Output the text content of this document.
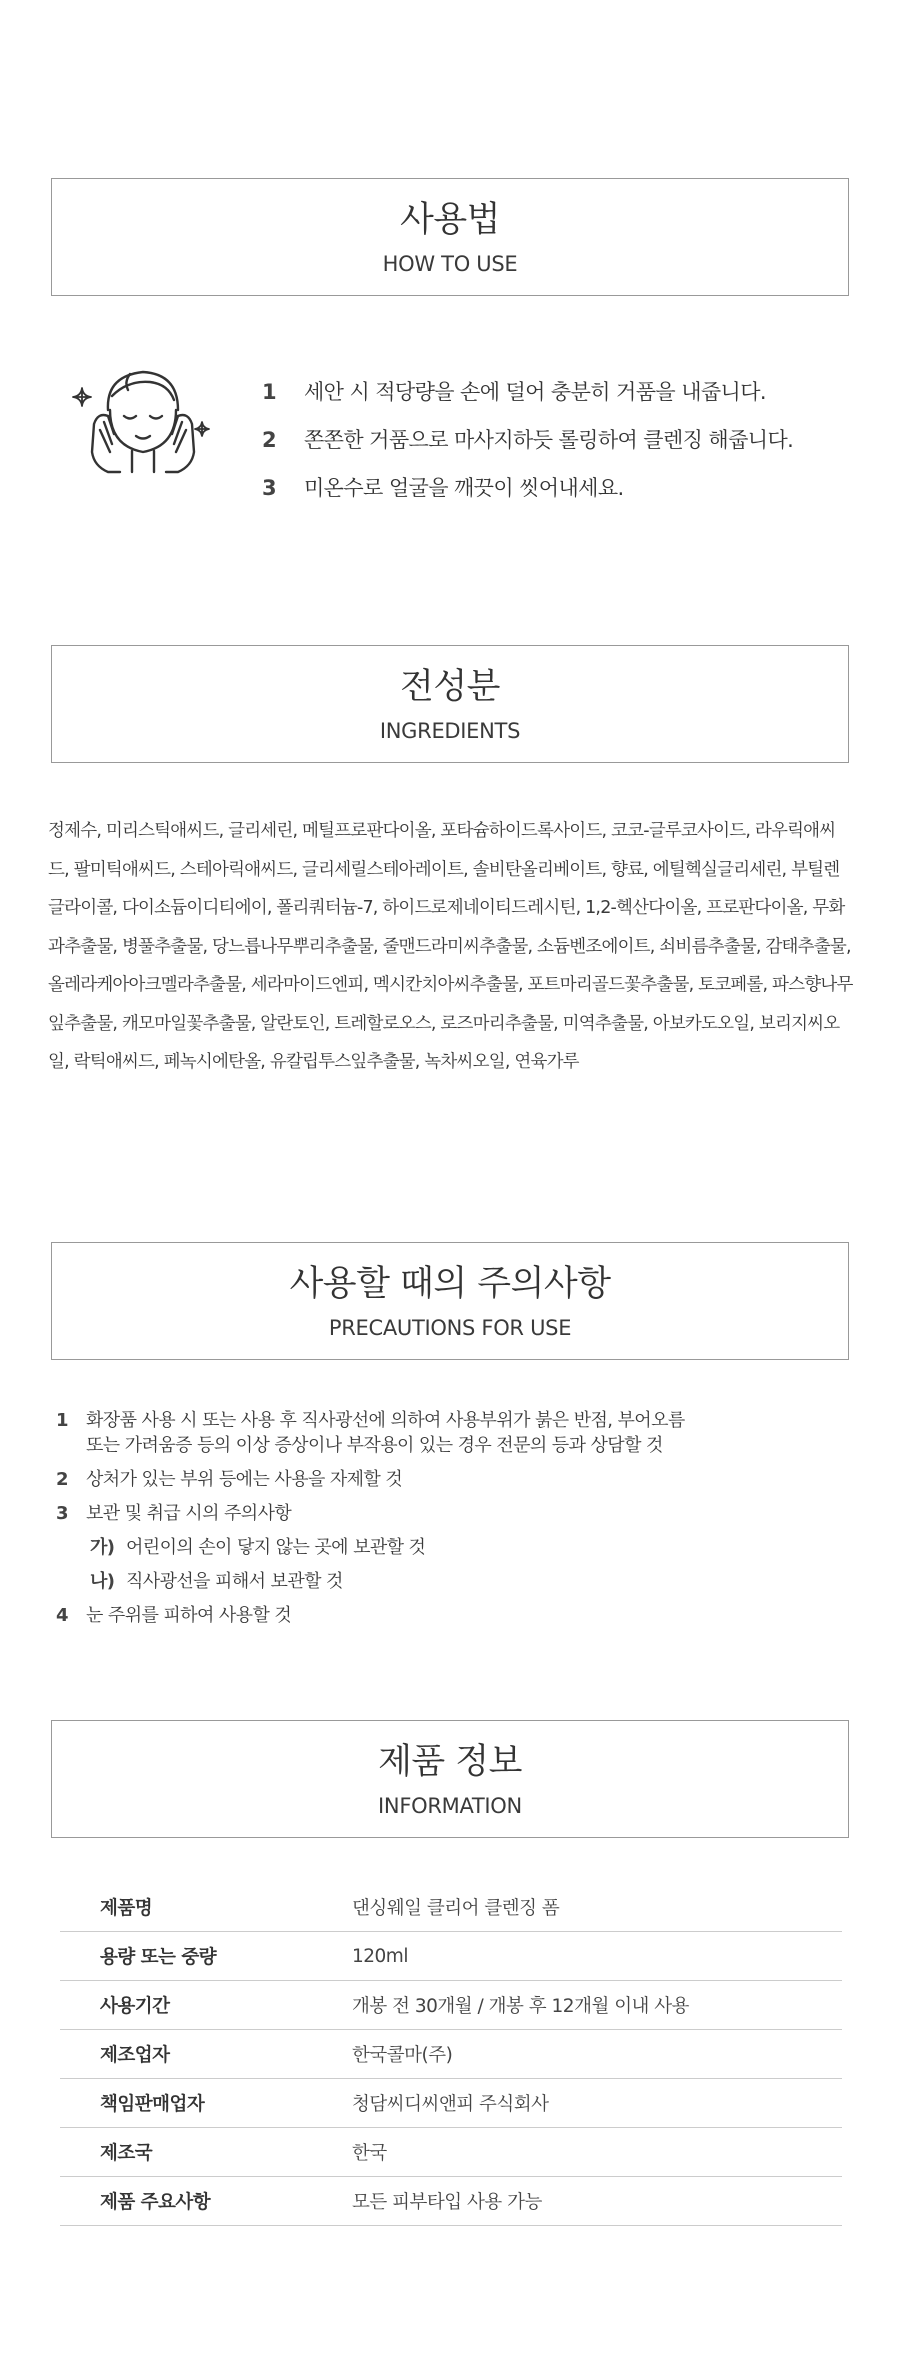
사용법
HOW TO USE
1	세안 시 적당량을 손에 덜어 충분히 거품을 내줍니다.
2	쫀쫀한 거품으로 마사지하듯 롤링하여 클렌징 해줍니다.
3	미온수로 얼굴을 깨끗이 씻어내세요.
전성분
INGREDIENTS

정제수, 미리스틱애씨드, 글리세린, 메틸프로판다이올, 포타슘하이드록사이드, 코코-글루코사이드, 라우릭애씨드, 팔미틱애씨드, 스테아릭애씨드, 글리세릴스테아레이트, 솔비탄올리베이트, 향료, 에틸헥실글리세린, 부틸렌글라이콜, 다이소듐이디티에이, 폴리쿼터늄-7, 하이드로제네이티드레시틴, 1,2-헥산다이올, 프로판다이올, 무화과추출물, 병풀추출물, 당느릅나무뿌리추출물, 줄맨드라미씨추출물, 소듐벤조에이트, 쇠비름추출물, 감태추출물, 올레라케아아크멜라추출물, 세라마이드엔피, 멕시칸치아씨추출물, 포트마리골드꽃추출물, 토코페롤, 파스향나무잎추출물, 캐모마일꽃추출물, 알란토인, 트레할로오스, 로즈마리추출물, 미역추출물, 아보카도오일, 보리지씨오일, 락틱애씨드, 페녹시에탄올, 유칼립투스잎추출물, 녹차씨오일, 연육가루

사용할 때의 주의사항
PRECAUTIONS FOR USE
1	화장품 사용 시 또는 사용 후 직사광선에 의하여 사용부위가 붉은 반점, 부어오름
또는 가려움증 등의 이상 증상이나 부작용이 있는 경우 전문의 등과 상담할 것
2	상처가 있는 부위 등에는 사용을 자제할 것
3	보관 및 취급 시의 주의사항
가) 어린이의 손이 닿지 않는 곳에 보관할 것
나) 직사광선을 피해서 보관할 것
4	눈 주위를 피하여 사용할 것
제품 정보
INFORMATION
제품명	댄싱웨일 클리어 클렌징 폼
용량 또는 중량	120ml
사용기간	개봉 전 30개월 / 개봉 후 12개월 이내 사용
제조업자	한국콜마(주)
책임판매업자	청담씨디씨앤피 주식회사
제조국	한국
제품 주요사항	모든 피부타입 사용 가능
